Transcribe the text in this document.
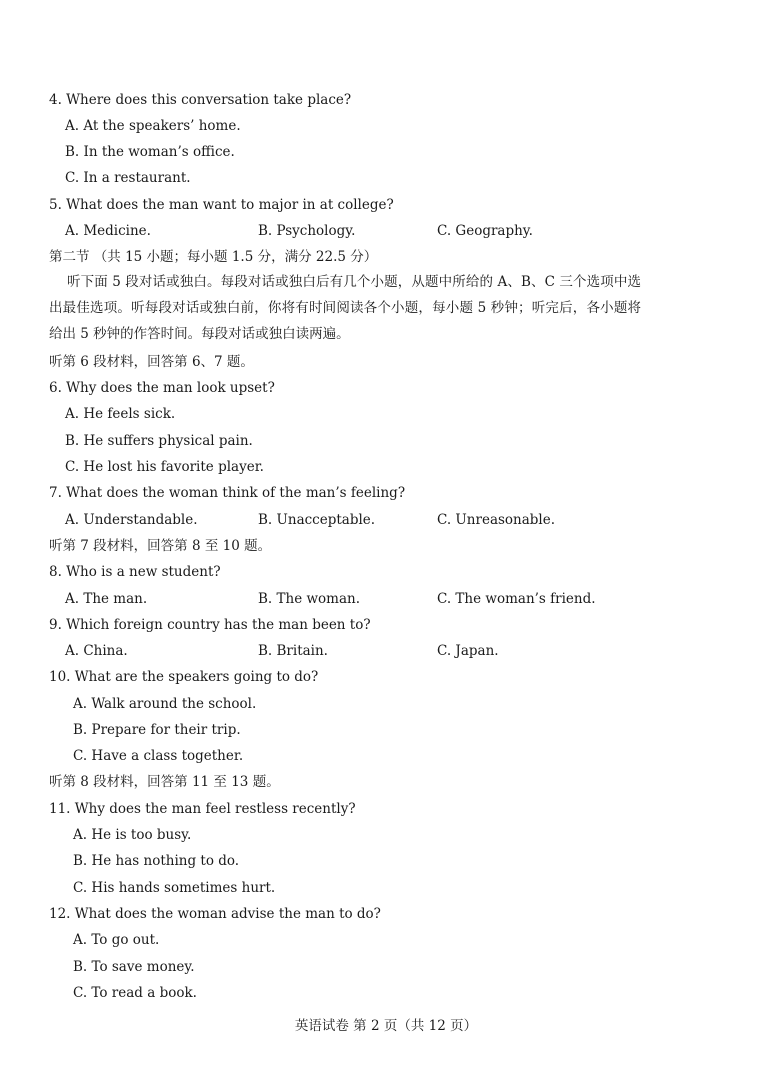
4. Where does this conversation take place?
A. At the speakers’ home.
B. In the woman’s office.
C. In a restaurant.
5. What does the man want to major in at college?
A. Medicine.	B. Psychology.	C. Geography.
第二节 （共 15 小题；每小题 1.5 分，满分 22.5 分）
听下面 5 段对话或独白。每段对话或独白后有几个小题，从题中所给的 A、B、C 三个选项中选出最佳选项。听每段对话或独白前，你将有时间阅读各个小题，每小题 5 秒钟；听完后，各小题将给出 5 秒钟的作答时间。每段对话或独白读两遍。
听第 6 段材料，回答第 6、7 题。
6. Why does the man look upset?
A. He feels sick.
B. He suffers physical pain.
C. He lost his favorite player.
7. What does the woman think of the man’s feeling?
A. Understandable.	B. Unacceptable.	C. Unreasonable.
听第 7 段材料，回答第 8 至 10 题。
8. Who is a new student?
A. The man.	B. The woman.	C. The woman’s friend.
9. Which foreign country has the man been to?
A. China.	B. Britain.	C. Japan.
10. What are the speakers going to do?
A. Walk around the school.
B. Prepare for their trip.
C. Have a class together.
听第 8 段材料，回答第 11 至 13 题。
11. Why does the man feel restless recently?
A. He is too busy.
B. He has nothing to do.
C. His hands sometimes hurt.
12. What does the woman advise the man to do?
A. To go out.
B. To save money.
C. To read a book.
英语试卷 第 2 页（共 12 页）
